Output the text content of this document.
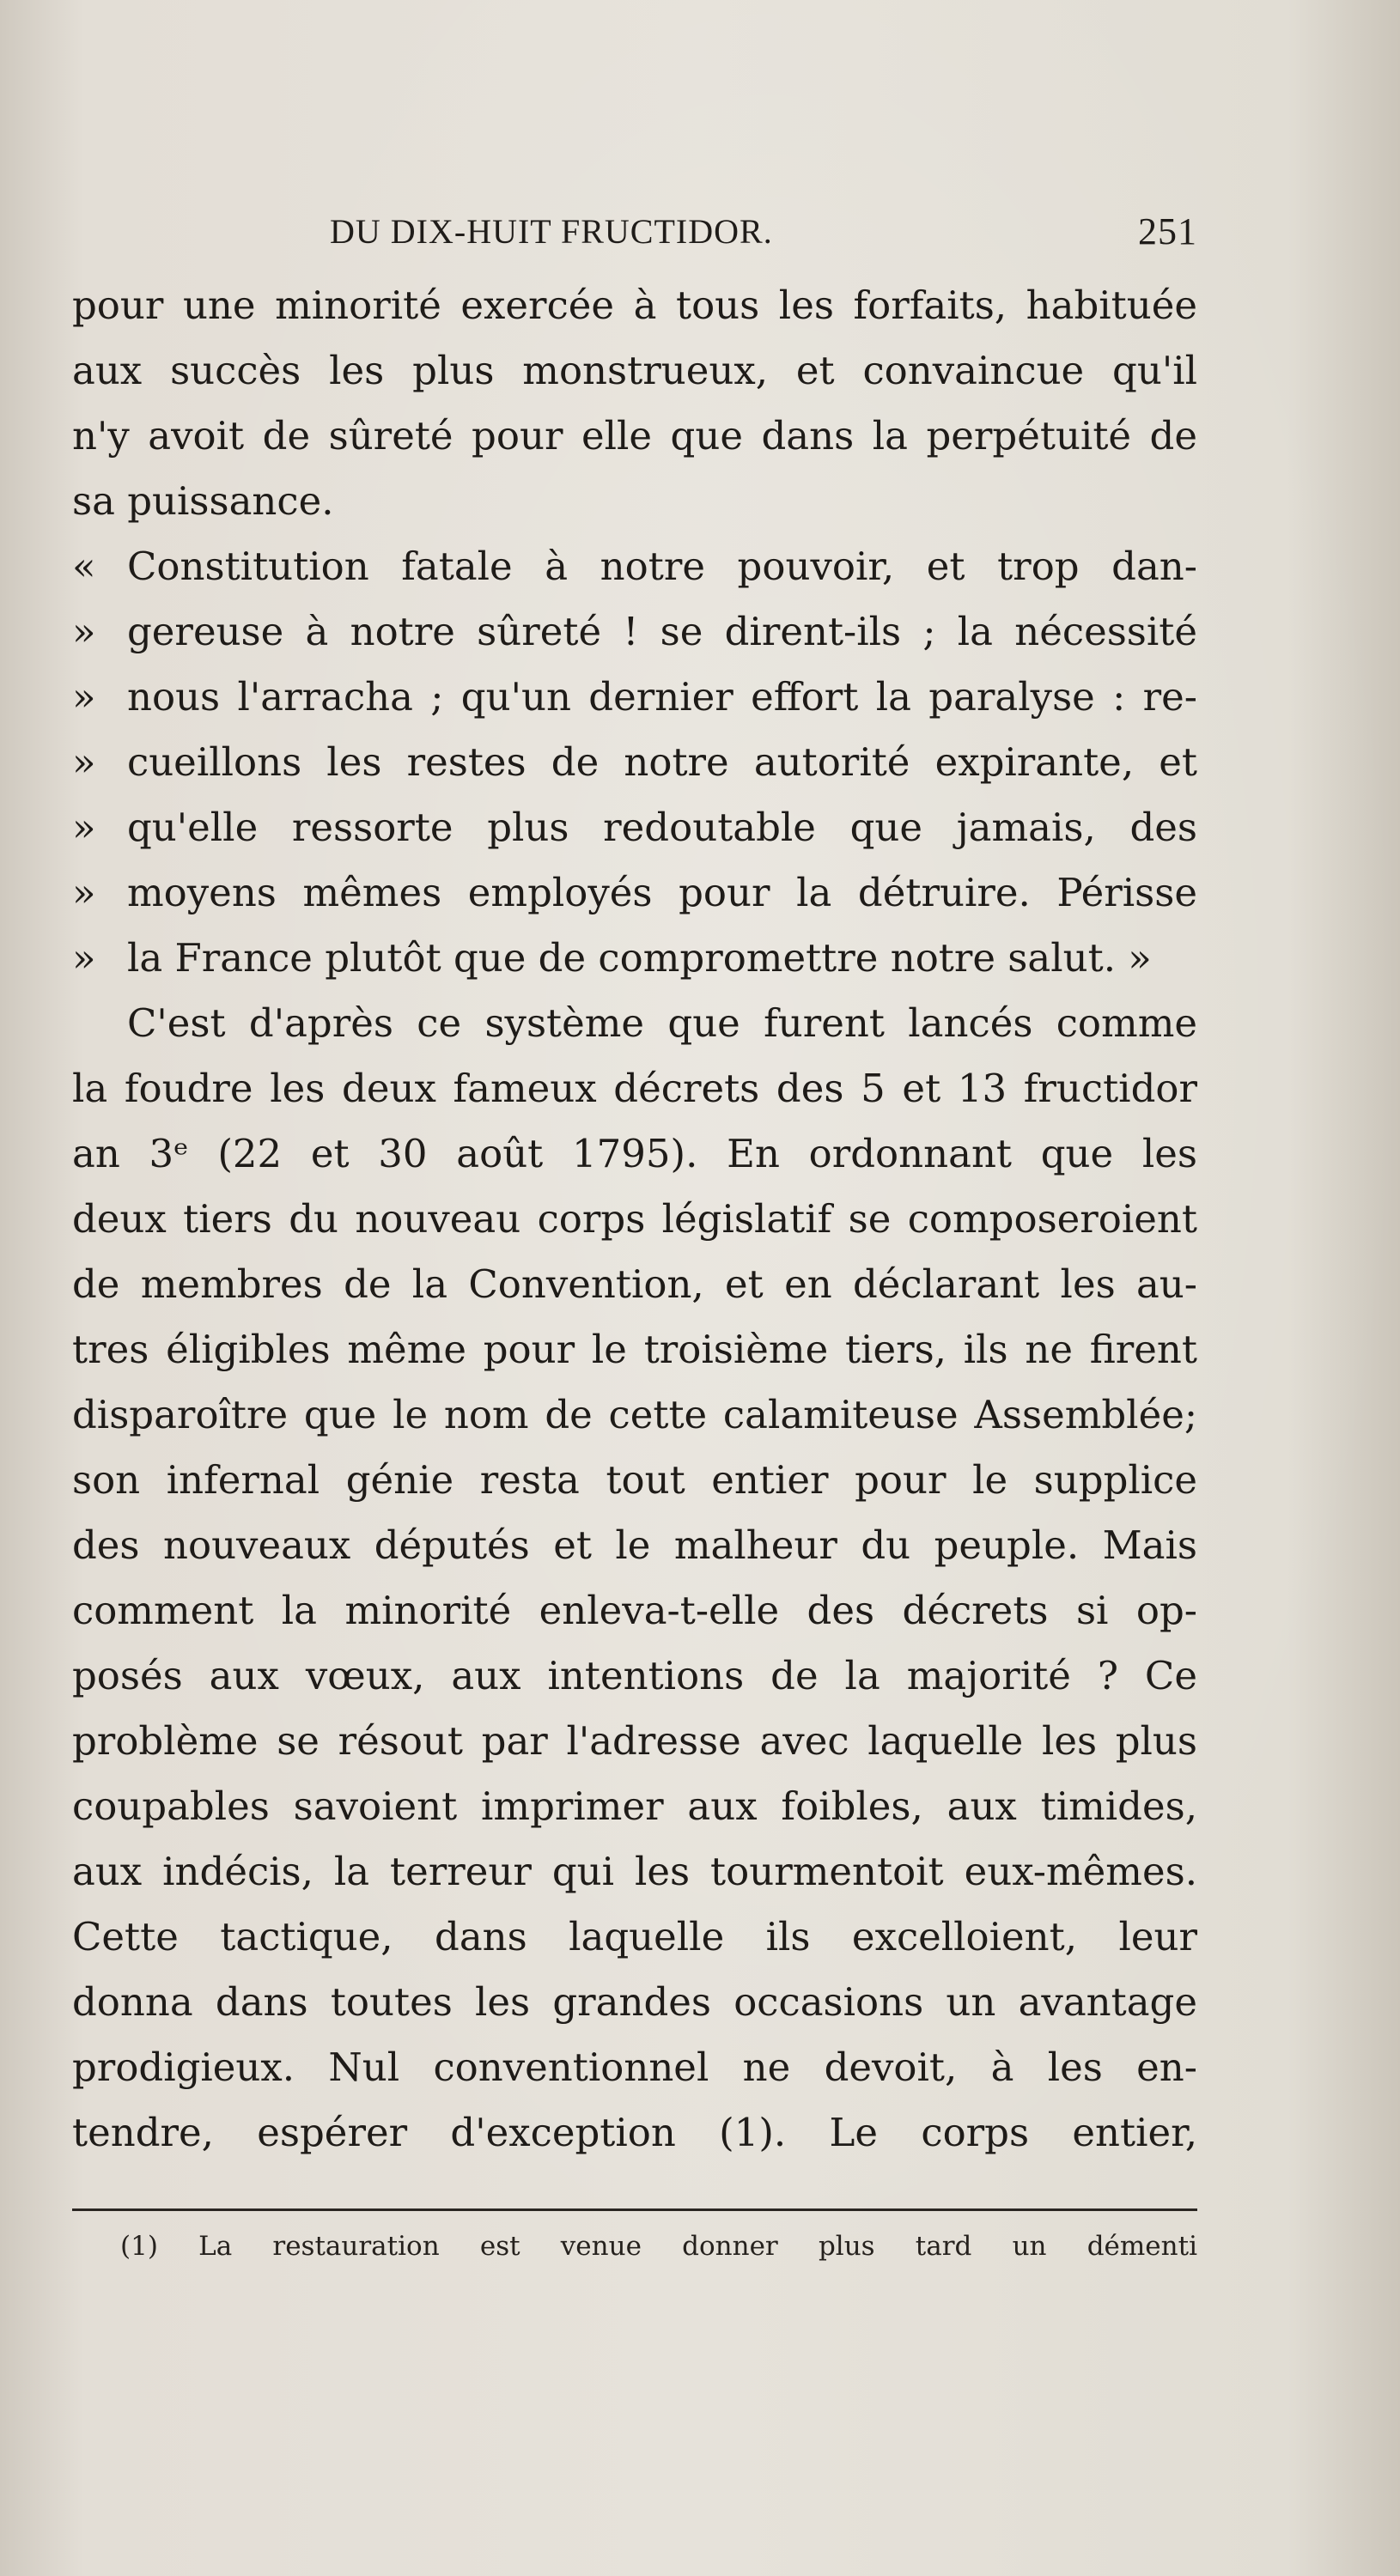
DU DIX-HUIT FRUCTIDOR.	251
pour une minorité exercée à tous les forfaits, habituée
aux succès les plus monstrueux, et convaincue qu'il
n'y avoit de sûreté pour elle que dans la perpétuité de
sa puissance.
« Constitution fatale à notre pouvoir, et trop dan-
» gereuse à notre sûreté ! se dirent-ils ; la nécessité
» nous l'arracha ; qu'un dernier effort la paralyse : re-
» cueillons les restes de notre autorité expirante, et
» qu'elle ressorte plus redoutable que jamais, des
» moyens mêmes employés pour la détruire. Périsse
» la France plutôt que de compromettre notre salut. »
C'est d'après ce système que furent lancés comme
la foudre les deux fameux décrets des 5 et 13 fructidor
an 3ᵉ (22 et 30 août 1795). En ordonnant que les
deux tiers du nouveau corps législatif se composeroient
de membres de la Convention, et en déclarant les au-
tres éligibles même pour le troisième tiers, ils ne firent
disparoître que le nom de cette calamiteuse Assemblée;
son infernal génie resta tout entier pour le supplice
des nouveaux députés et le malheur du peuple. Mais
comment la minorité enleva-t-elle des décrets si op-
posés aux vœux, aux intentions de la majorité ? Ce
problème se résout par l'adresse avec laquelle les plus
coupables savoient imprimer aux foibles, aux timides,
aux indécis, la terreur qui les tourmentoit eux-mêmes.
Cette tactique, dans laquelle ils excelloient, leur
donna dans toutes les grandes occasions un avantage
prodigieux. Nul conventionnel ne devoit, à les en-
tendre, espérer d'exception (1). Le corps entier,
(1) La restauration est venue donner plus tard un démenti
